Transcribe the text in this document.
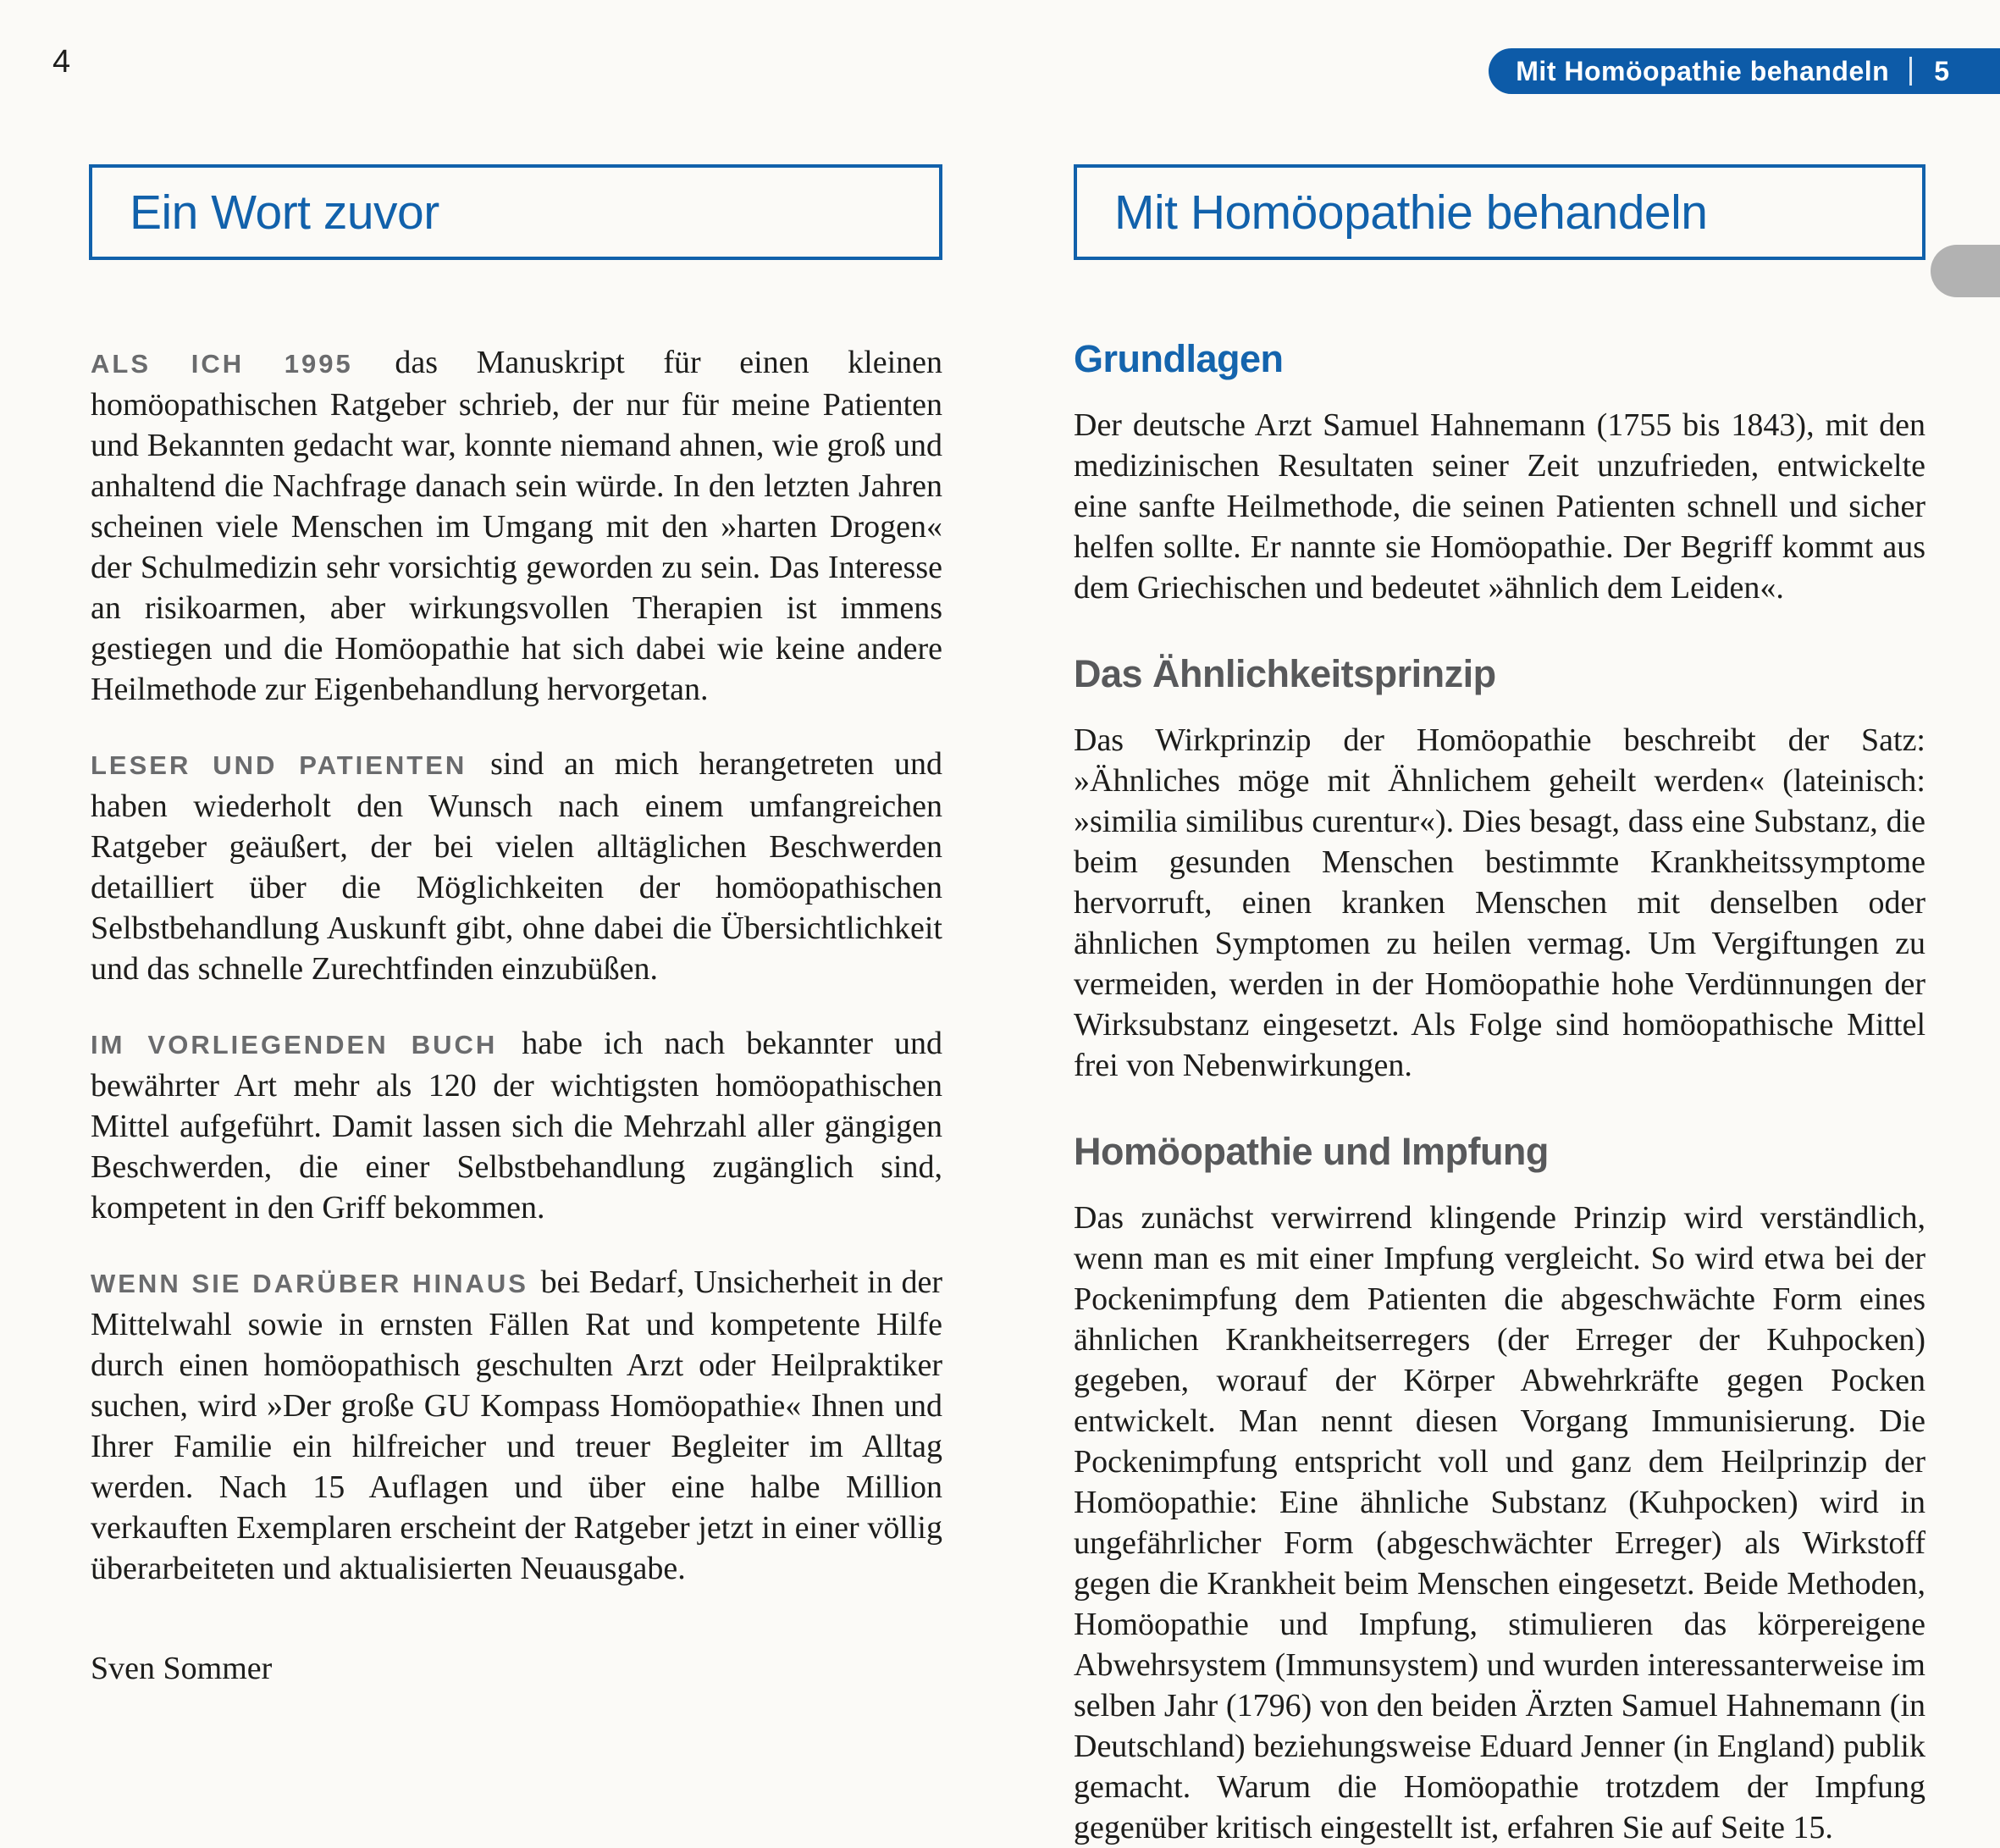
4	Mit Homöopathie behandeln 5
Ein Wort zuvor	Mit Homöopathie behandeln

ALS ICH 1995 das Manuskript für einen kleinen homöopathischen Ratgeber schrieb, der nur für meine Patienten und Bekannten gedacht war, konnte niemand ahnen, wie groß und anhaltend die Nachfrage danach sein würde. In den letzten Jahren scheinen viele Menschen im Umgang mit den »harten Drogen« der Schulmedizin sehr vorsichtig geworden zu sein. Das Interesse an risikoarmen, aber wirkungsvollen Therapien ist immens gestiegen und die Homöopathie hat sich dabei wie keine andere Heilmethode zur Eigenbehandlung hervorgetan.

LESER UND PATIENTEN sind an mich herangetreten und haben wiederholt den Wunsch nach einem umfangreichen Ratgeber geäußert, der bei vielen alltäglichen Beschwerden detailliert über die Möglichkeiten der homöopathischen Selbstbehandlung Auskunft gibt, ohne dabei die Übersichtlichkeit und das schnelle Zurechtfinden einzubüßen.

IM VORLIEGENDEN BUCH habe ich nach bekannter und bewährter Art mehr als 120 der wichtigsten homöopathischen Mittel aufgeführt. Damit lassen sich die Mehrzahl aller gängigen Beschwerden, die einer Selbstbehandlung zugänglich sind, kompetent in den Griff bekommen.

WENN SIE DARÜBER HINAUS bei Bedarf, Unsicherheit in der Mittelwahl sowie in ernsten Fällen Rat und kompetente Hilfe durch einen homöopathisch geschulten Arzt oder Heilpraktiker suchen, wird »Der große GU Kompass Homöopathie« Ihnen und Ihrer Familie ein hilfreicher und treuer Begleiter im Alltag werden. Nach 15 Auflagen und über eine halbe Million verkauften Exemplaren erscheint der Ratgeber jetzt in einer völlig überarbeiteten und aktualisierten Neuausgabe.

Sven Sommer
Grundlagen

Der deutsche Arzt Samuel Hahnemann (1755 bis 1843), mit den medizinischen Resultaten seiner Zeit unzufrieden, entwickelte eine sanfte Heilmethode, die seinen Patienten schnell und sicher helfen sollte. Er nannte sie Homöopathie. Der Begriff kommt aus dem Griechischen und bedeutet »ähnlich dem Leiden«.

Das Ähnlichkeitsprinzip

Das Wirkprinzip der Homöopathie beschreibt der Satz: »Ähnliches möge mit Ähnlichem geheilt werden« (lateinisch: »similia similibus curentur«). Dies besagt, dass eine Substanz, die beim gesunden Menschen bestimmte Krankheitssymptome hervorruft, einen kranken Menschen mit denselben oder ähnlichen Symptomen zu heilen vermag. Um Vergiftungen zu vermeiden, werden in der Homöopathie hohe Verdünnungen der Wirksubstanz eingesetzt. Als Folge sind homöopathische Mittel frei von Nebenwirkungen.

Homöopathie und Impfung

Das zunächst verwirrend klingende Prinzip wird verständlich, wenn man es mit einer Impfung vergleicht. So wird etwa bei der Pockenimpfung dem Patienten die abgeschwächte Form eines ähnlichen Krankheitserregers (der Erreger der Kuhpocken) gegeben, worauf der Körper Abwehrkräfte gegen Pocken entwickelt. Man nennt diesen Vorgang Immunisierung. Die Pockenimpfung entspricht voll und ganz dem Heilprinzip der Homöopathie: Eine ähnliche Substanz (Kuhpocken) wird in ungefährlicher Form (abgeschwächter Erreger) als Wirkstoff gegen die Krankheit beim Menschen eingesetzt. Beide Methoden, Homöopathie und Impfung, stimulieren das körpereigene Abwehrsystem (Immunsystem) und wurden interessanterweise im selben Jahr (1796) von den beiden Ärzten Samuel Hahnemann (in Deutschland) beziehungsweise Eduard Jenner (in England) publik gemacht. Warum die Homöopathie trotzdem der Impfung gegenüber kritisch eingestellt ist, erfahren Sie auf Seite 15.
